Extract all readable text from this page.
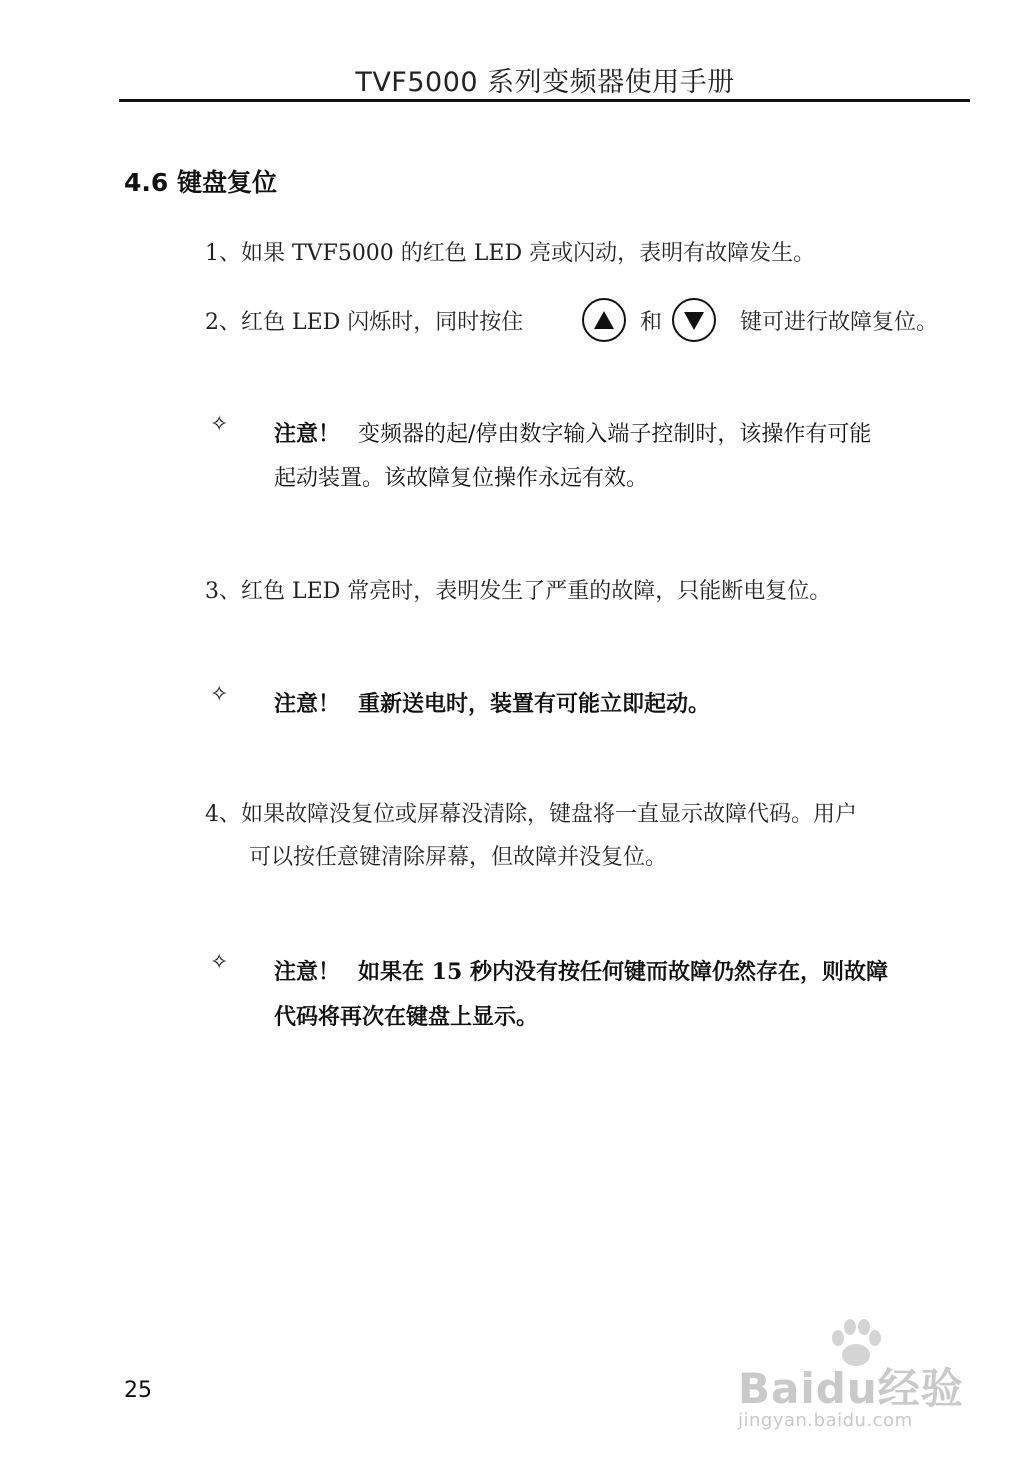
TVF5000 系列变频器使用手册
4.6 键盘复位
1、如果 TVF5000 的红色 LED 亮或闪动，表明有故障发生。
2、红色 LED 闪烁时，同时按住	和	键可进行故障复位。
✧ 注意！ 变频器的起/停由数字输入端子控制时，该操作有可能
起动装置。该故障复位操作永远有效。
3、红色 LED 常亮时，表明发生了严重的故障，只能断电复位。
✧ 注意！ 重新送电时，装置有可能立即起动。
4、如果故障没复位或屏幕没清除，键盘将一直显示故障代码。用户
可以按任意键清除屏幕，但故障并没复位。
✧ 注意！ 如果在 15 秒内没有按任何键而故障仍然存在，则故障
代码将再次在键盘上显示。
25	Baidu经验
jingyan.baidu.com
